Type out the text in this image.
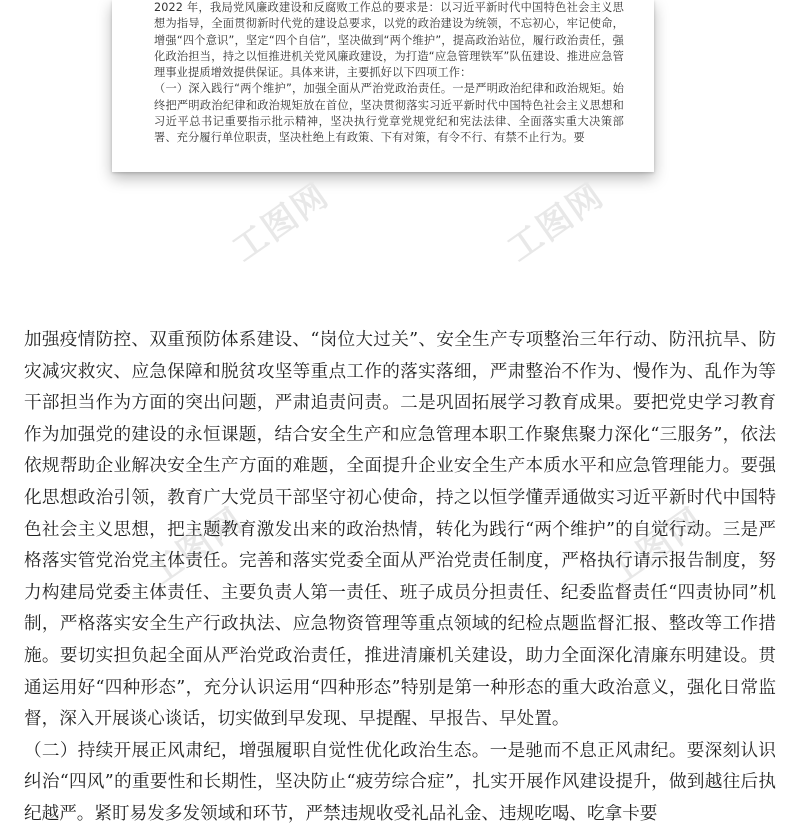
2022 年，我局党风廉政建设和反腐败工作总的要求是：以习近平新时代中国特色社会主义思想为指导，全面贯彻新时代党的建设总要求，以党的政治建设为统领，不忘初心，牢记使命，增强“四个意识”，坚定“四个自信”，坚决做到“两个维护”，提高政治站位，履行政治责任，强化政治担当，持之以恒推进机关党风廉政建设，为打造“应急管理铁军”队伍建设、推进应急管理事业提质增效提供保证。具体来讲，主要抓好以下四项工作：

（一）深入践行“两个维护”，加强全面从严治党政治责任。一是严明政治纪律和政治规矩。始终把严明政治纪律和政治规矩放在首位，坚决贯彻落实习近平新时代中国特色社会主义思想和习近平总书记重要指示批示精神，坚决执行党章党规党纪和宪法法律、全面落实重大决策部署、充分履行单位职责，坚决杜绝上有政策、下有对策，有令不行、有禁不止行为。要

工图网	工图网
工图网	工图网

加强疫情防控、双重预防体系建设、“岗位大过关”、安全生产专项整治三年行动、防汛抗旱、防灾减灾救灾、应急保障和脱贫攻坚等重点工作的落实落细，严肃整治不作为、慢作为、乱作为等干部担当作为方面的突出问题，严肃追责问责。二是巩固拓展学习教育成果。要把党史学习教育作为加强党的建设的永恒课题，结合安全生产和应急管理本职工作聚焦聚力深化“三服务”，依法依规帮助企业解决安全生产方面的难题，全面提升企业安全生产本质水平和应急管理能力。要强化思想政治引领，教育广大党员干部坚守初心使命，持之以恒学懂弄通做实习近平新时代中国特色社会主义思想，把主题教育激发出来的政治热情，转化为践行“两个维护”的自觉行动。三是严格落实管党治党主体责任。完善和落实党委全面从严治党责任制度，严格执行请示报告制度，努力构建局党委主体责任、主要负责人第一责任、班子成员分担责任、纪委监督责任“四责协同”机制，严格落实安全生产行政执法、应急物资管理等重点领域的纪检点题监督汇报、整改等工作措施。要切实担负起全面从严治党政治责任，推进清廉机关建设，助力全面深化清廉东明建设。贯通运用好“四种形态”，充分认识运用“四种形态”特别是第一种形态的重大政治意义，强化日常监督，深入开展谈心谈话，切实做到早发现、早提醒、早报告、早处置。

（二）持续开展正风肃纪，增强履职自觉性优化政治生态。一是驰而不息正风肃纪。要深刻认识纠治“四风”的重要性和长期性，坚决防止“疲劳综合症”，扎实开展作风建设提升，做到越往后执纪越严。紧盯易发多发领域和环节，严禁违规收受礼品礼金、违规吃喝、吃拿卡要
